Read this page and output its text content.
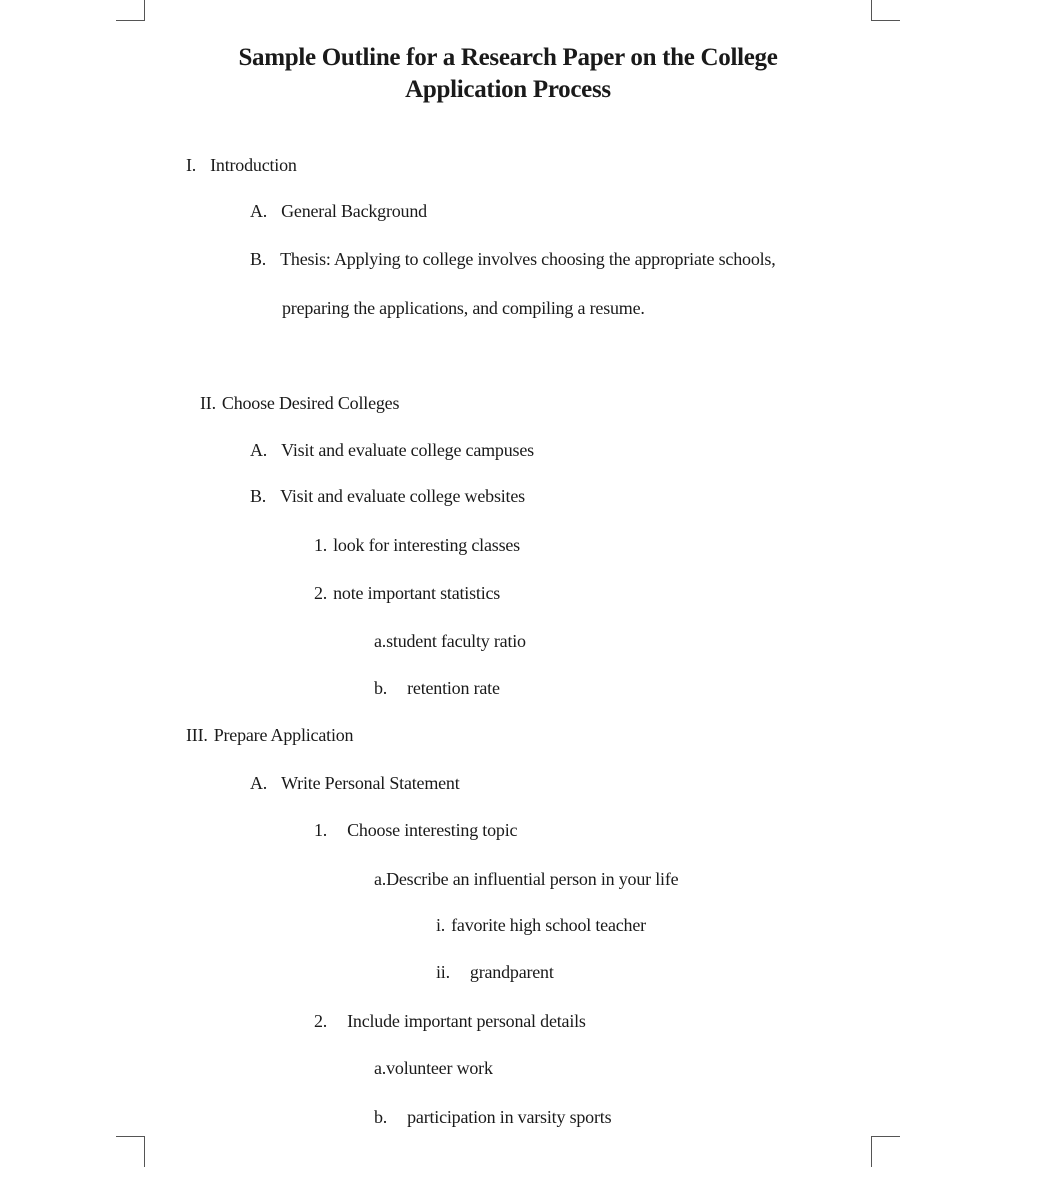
Sample Outline for a Research Paper on the College
Application Process
I. Introduction
A. General Background
B. Thesis: Applying to college involves choosing the appropriate schools,
preparing the applications, and compiling a resume.
II. Choose Desired Colleges
A. Visit and evaluate college campuses
B. Visit and evaluate college websites
1. look for interesting classes
2. note important statistics
a.student faculty ratio
b. retention rate
III. Prepare Application
A. Write Personal Statement
1. Choose interesting topic
a.Describe an influential person in your life
i. favorite high school teacher
ii. grandparent
2. Include important personal details
a.volunteer work
b. participation in varsity sports
